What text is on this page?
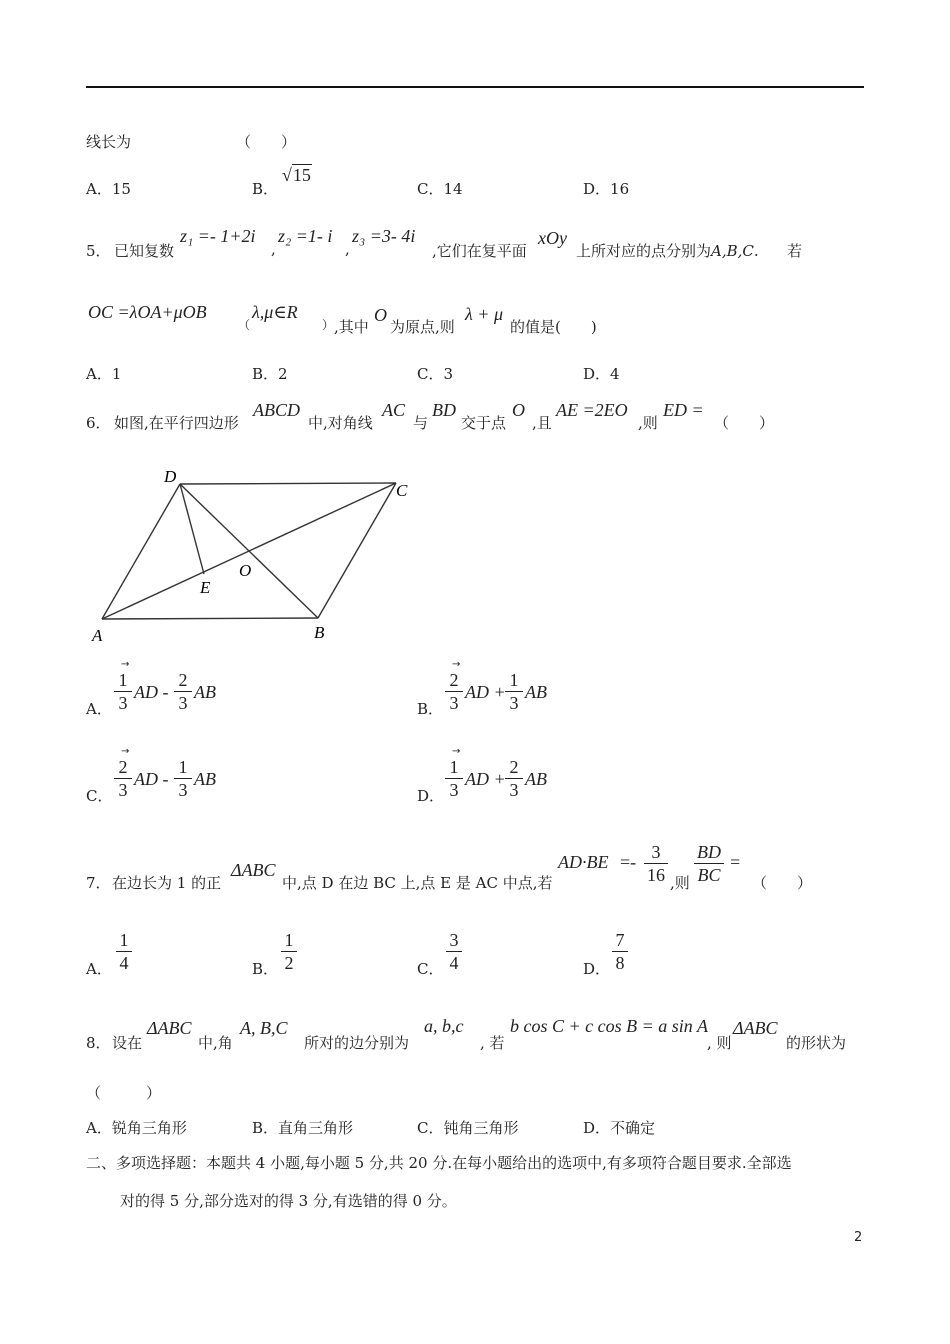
线长为	（　　）
A．15	B．
√15
C．14	D．16
5． 已知复数
z₁ =- 1+2i
,
z₂ =1- i
,
z₃ =3- 4i
,它们在复平面
xOy
上所对应的点分别为A,B,C. 若
OC =λOA+μOB
（
λ,μ∈R
） ,其中
O
为原点,则
λ + μ
的值是(　　)
A．1	B．2	C．3	D．4
6． 如图,在平行四边形
ABCD
中,对角线
AC
与
BD
交于点
O
,且
AE =2EO
,则
ED =
（　　）
D
C
E
O
A	B
A．
→
1
3
AD -
2
3
AB
B．
→
2
3
AD +
1
3
AB
C．
→
2
3
AD -
1
3
AB
D．
→
1
3
AD +
2
3
AB
7． 在边长为 1 的正
ΔABC
中,点 D 在边 BC 上,点 E 是 AC 中点,若
AD·BE =- 3
16 ,则
BD
BC
=
（　　）
A．
1
4	B．
1
2	C．
3
4	D．
7
8
8． 设在
ΔABC
中,角
A, B,C
所对的边分别为
a, b,c
, 若
b cos C + c cos B = a sin A
, 则
ΔABC
的形状为
（　　　）
A．锐角三角形	B．直角三角形	C．钝角三角形	D．不确定
二、多项选择题：本题共 4 小题,每小题 5 分,共 20 分.在每小题给出的选项中,有多项符合题目要求.全部选
对的得 5 分,部分选对的得 3 分,有选错的得 0 分。
2
